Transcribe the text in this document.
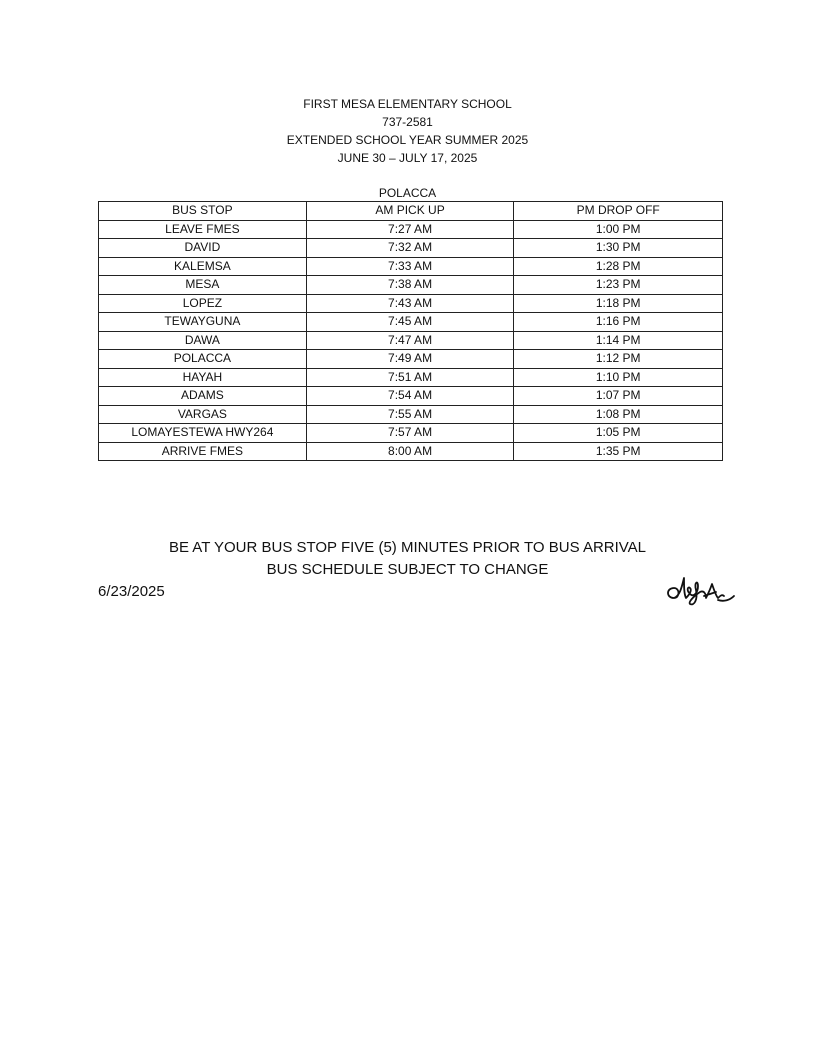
FIRST MESA ELEMENTARY SCHOOL
737-2581
EXTENDED SCHOOL YEAR SUMMER 2025
JUNE 30 – JULY 17, 2025
POLACCA
BUS STOP	AM PICK UP	PM DROP OFF
LEAVE FMES	7:27 AM	1:00 PM
DAVID	7:32 AM	1:30 PM
KALEMSA	7:33 AM	1:28 PM
MESA	7:38 AM	1:23 PM
LOPEZ	7:43 AM	1:18 PM
TEWAYGUNA	7:45 AM	1:16 PM
DAWA	7:47 AM	1:14 PM
POLACCA	7:49 AM	1:12 PM
HAYAH	7:51 AM	1:10 PM
ADAMS	7:54 AM	1:07 PM
VARGAS	7:55 AM	1:08 PM
LOMAYESTEWA HWY264	7:57 AM	1:05 PM
ARRIVE FMES	8:00 AM	1:35 PM
BE AT YOUR BUS STOP FIVE (5) MINUTES PRIOR TO BUS ARRIVAL
BUS SCHEDULE SUBJECT TO CHANGE
6/23/2025
